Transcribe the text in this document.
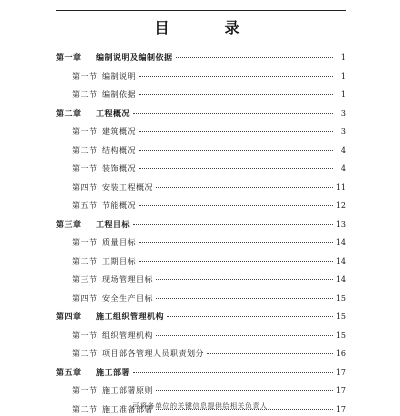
目　录
第一章 编制说明及编制依据	1
第一节 编制说明	1
第二节 编制依据	1
第二章 工程概况	3
第一节 建筑概况	3
第二节 结构概况	4
第一节 装饰概况	4
第四节 安装工程概况	11
第五节 节能概况	12
第三章 工程目标	13
第一节 质量目标	14
第二节 工期目标	14
第三节 现场管理目标	14
第四节 安全生产目标	15
第四章 施工组织管理机构	15
第一节 组织管理机构	15
第二节 项目部各管理人员职责划分	16
第五章 施工部署	17
第一节 施工部署原则	17
第二节 施工准备部署	17
可将各单位的关键信息提供给相关负责人
